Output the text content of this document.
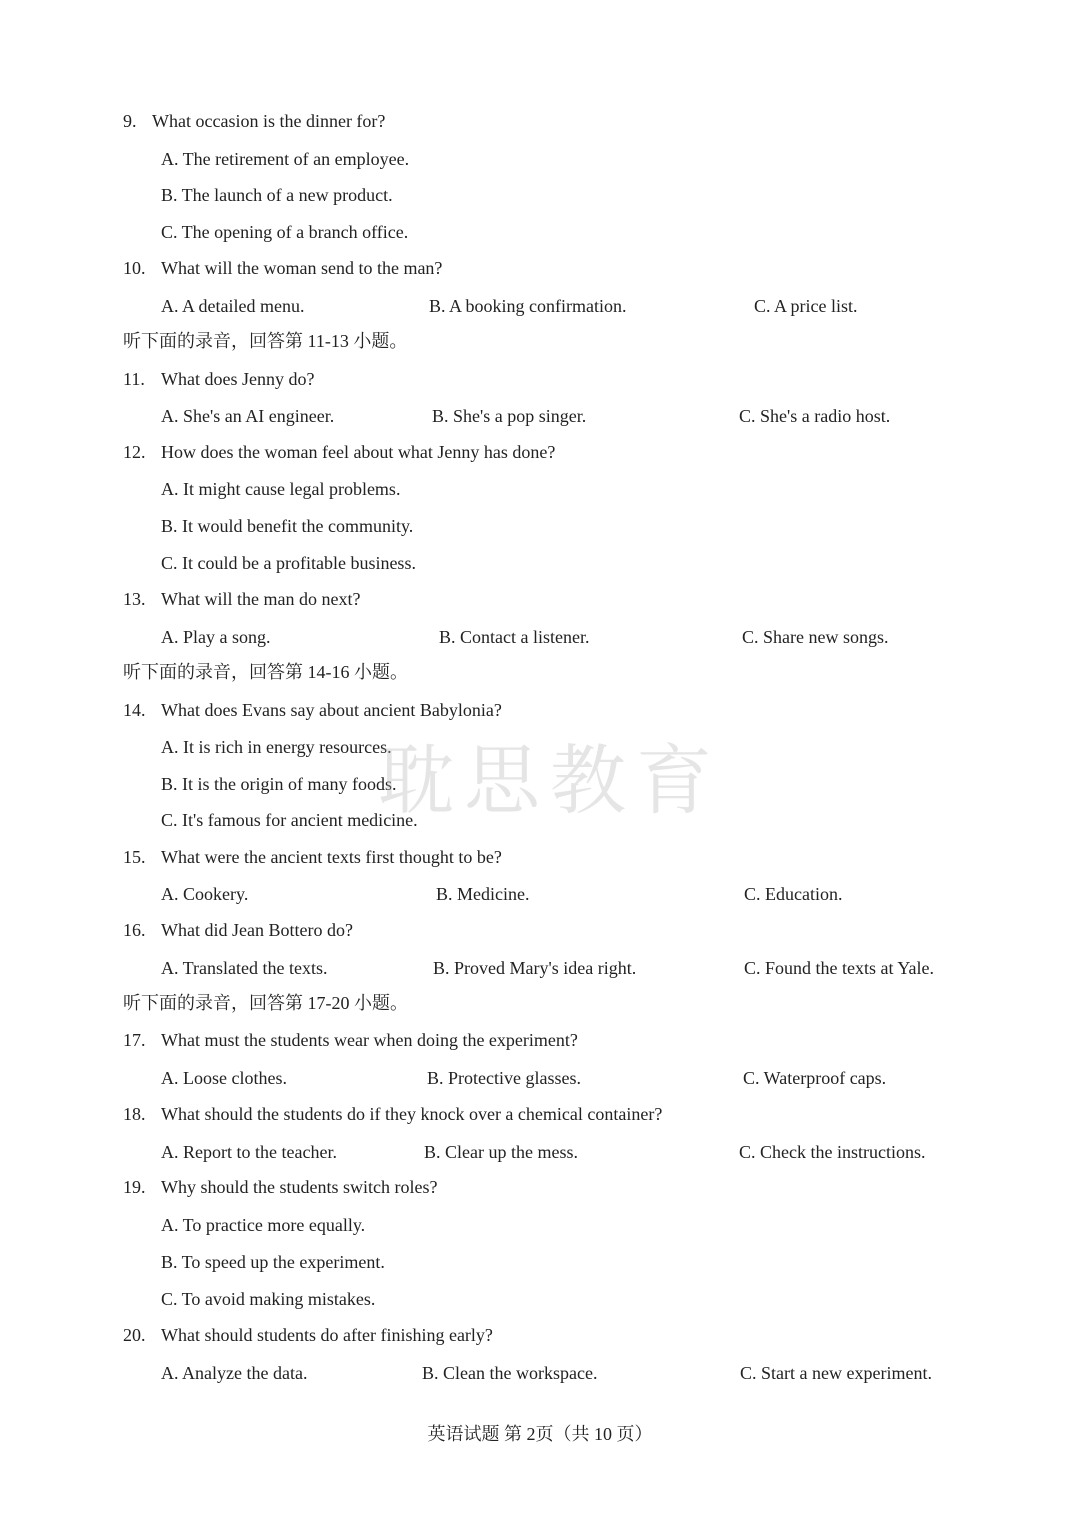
9. What occasion is the dinner for?
A. The retirement of an employee.
B. The launch of a new product.
C. The opening of a branch office.
10. What will the woman send to the man?
A. A detailed menu.	B. A booking confirmation.	C. A price list.
听下面的录音，回答第 11-13 小题。
11. What does Jenny do?
A. She's an AI engineer.	B. She's a pop singer.	C. She's a radio host.
12. How does the woman feel about what Jenny has done?
A. It might cause legal problems.
B. It would benefit the community.
C. It could be a profitable business.
13. What will the man do next?
A. Play a song.	B. Contact a listener.	C. Share new songs.
听下面的录音，回答第 14-16 小题。
14. What does Evans say about ancient Babylonia?
A. It is rich in energy resources.
B. It is the origin of many foods.
C. It's famous for ancient medicine.
15. What were the ancient texts first thought to be?
A. Cookery.	B. Medicine.	C. Education.
16. What did Jean Bottero do?
A. Translated the texts.	B. Proved Mary's idea right.	C. Found the texts at Yale.
听下面的录音，回答第 17-20 小题。
17. What must the students wear when doing the experiment?
A. Loose clothes.	B. Protective glasses.	C. Waterproof caps.
18. What should the students do if they knock over a chemical container?
A. Report to the teacher.	B. Clear up the mess.	C. Check the instructions.
19. Why should the students switch roles?
A. To practice more equally.
B. To speed up the experiment.
C. To avoid making mistakes.
20. What should students do after finishing early?
A. Analyze the data.	B. Clean the workspace.	C. Start a new experiment.
耽思教育
英语试题 第 2页（共 10 页）
